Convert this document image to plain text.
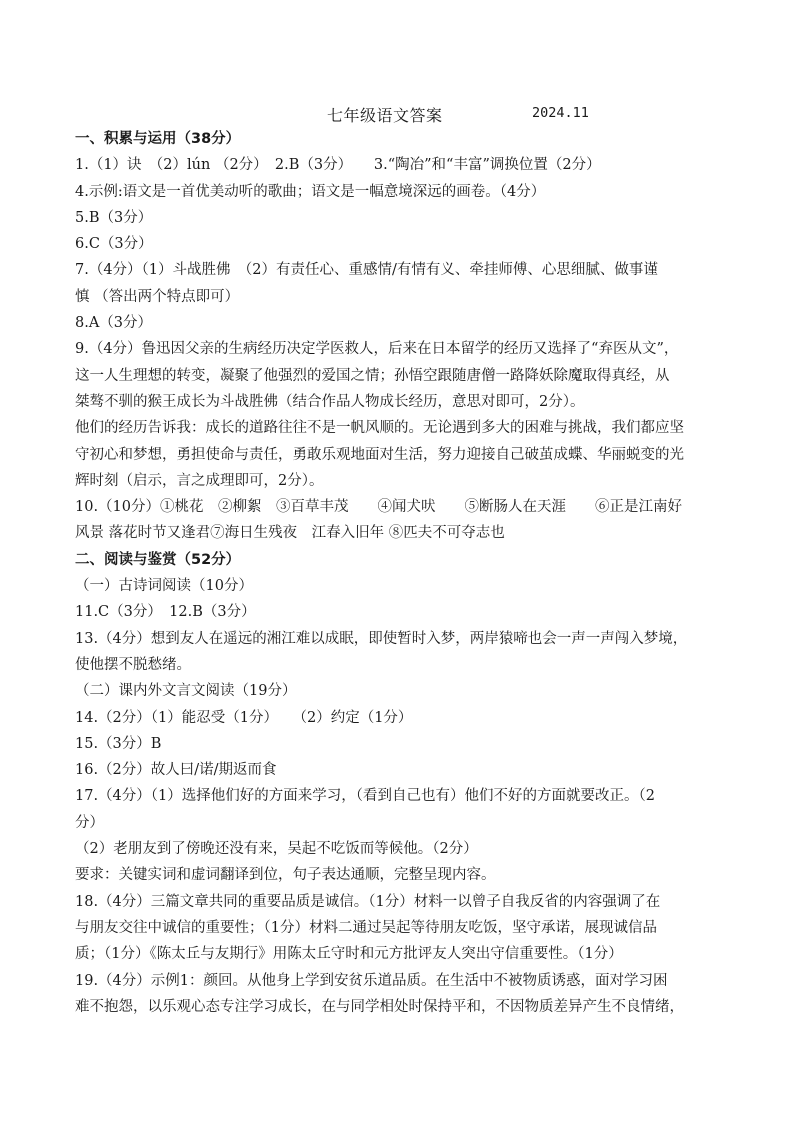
七年级语文答案	2024.11
一、积累与运用（38分）
1.（1）诀　（2）lún （2分）　2.B（3分）　　3.“陶冶”和“丰富”调换位置（2分）
4.示例:语文是一首优美动听的歌曲；语文是一幅意境深远的画卷。（4分）
5.B（3分）
6.C（3分）
7.（4分）（1）斗战胜佛　（2）有责任心、重感情/有情有义、牵挂师傅、心思细腻、做事谨
慎 （答出两个特点即可）
8.A（3分）
9.（4分）鲁迅因父亲的生病经历决定学医救人，后来在日本留学的经历又选择了“弃医从文”，
这一人生理想的转变，凝聚了他强烈的爱国之情；孙悟空跟随唐僧一路降妖除魔取得真经，从
桀骜不驯的猴王成长为斗战胜佛（结合作品人物成长经历，意思对即可，2分）。
他们的经历告诉我：成长的道路往往不是一帆风顺的。无论遇到多大的困难与挑战，我们都应坚
守初心和梦想，勇担使命与责任，勇敢乐观地面对生活，努力迎接自己破茧成蝶、华丽蜕变的光
辉时刻（启示，言之成理即可，2分）。
10.（10分）①桃花　②柳絮　③百草丰茂　　④闻犬吠　　⑤断肠人在天涯　　⑥正是江南好
风景 落花时节又逢君⑦海日生残夜　江春入旧年 ⑧匹夫不可夺志也
二、阅读与鉴赏（52分）
（一）古诗词阅读（10分）
11.C（3分）　12.B（3分）
13.（4分）想到友人在遥远的湘江难以成眠，即使暂时入梦，两岸猿啼也会一声一声闯入梦境，
使他摆不脱愁绪。
（二）课内外文言文阅读（19分）
14.（2分）（1）能忍受（1分）　　（2）约定（1分）
15.（3分）B
16.（2分）故人曰/诺/期返而食
17.（4分）（1）选择他们好的方面来学习，（看到自己也有）他们不好的方面就要改正。（2
分）
（2）老朋友到了傍晚还没有来，吴起不吃饭而等候他。（2分）
要求：关键实词和虚词翻译到位，句子表达通顺，完整呈现内容。
18.（4分）三篇文章共同的重要品质是诚信。（1分）材料一以曾子自我反省的内容强调了在
与朋友交往中诚信的重要性；（1分）材料二通过吴起等待朋友吃饭，坚守承诺，展现诚信品
质；（1分）《陈太丘与友期行》用陈太丘守时和元方批评友人突出守信重要性。（1分）
19.（4分）示例1：颜回。从他身上学到安贫乐道品质。在生活中不被物质诱惑，面对学习困
难不抱怨，以乐观心态专注学习成长，在与同学相处时保持平和，不因物质差异产生不良情绪，
